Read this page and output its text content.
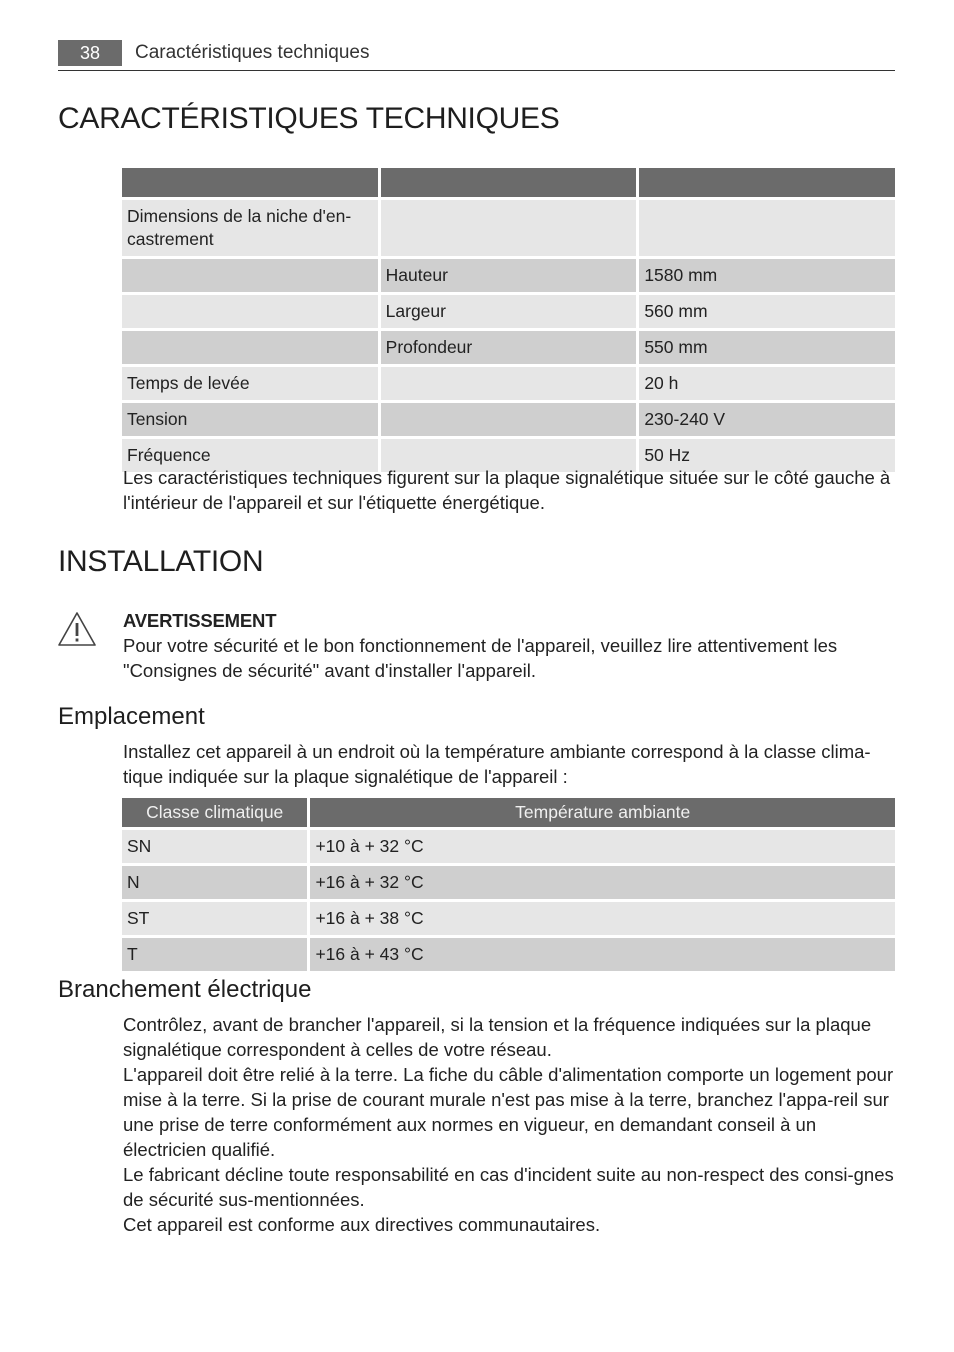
38	Caractéristiques techniques
CARACTÉRISTIQUES TECHNIQUES

Dimensions de la niche d'en-
castrement		
	Hauteur	1580 mm
	Largeur	560 mm
	Profondeur	550 mm
Temps de levée		20 h
Tension		230-240 V
Fréquence		50 Hz
Les caractéristiques techniques figurent sur la plaque signalétique située sur le côté gauche à l'intérieur de l'appareil et sur l'étiquette énergétique.
INSTALLATION
AVERTISSEMENT
Pour votre sécurité et le bon fonctionnement de l'appareil, veuillez lire attentivement les "Consignes de sécurité" avant d'installer l'appareil.
Emplacement
Installez cet appareil à un endroit où la température ambiante correspond à la classe clima-tique indiquée sur la plaque signalétique de l'appareil :
Classe climatique	Température ambiante
SN	+10 à + 32 °C
N	+16 à + 32 °C
ST	+16 à + 38 °C
T	+16 à + 43 °C
Branchement électrique
Contrôlez, avant de brancher l'appareil, si la tension et la fréquence indiquées sur la plaque signalétique correspondent à celles de votre réseau.
L'appareil doit être relié à la terre. La fiche du câble d'alimentation comporte un logement pour mise à la terre. Si la prise de courant murale n'est pas mise à la terre, branchez l'appa-reil sur une prise de terre conformément aux normes en vigueur, en demandant conseil à un électricien qualifié.
Le fabricant décline toute responsabilité en cas d'incident suite au non-respect des consi-gnes de sécurité sus-mentionnées.
Cet appareil est conforme aux directives communautaires.
